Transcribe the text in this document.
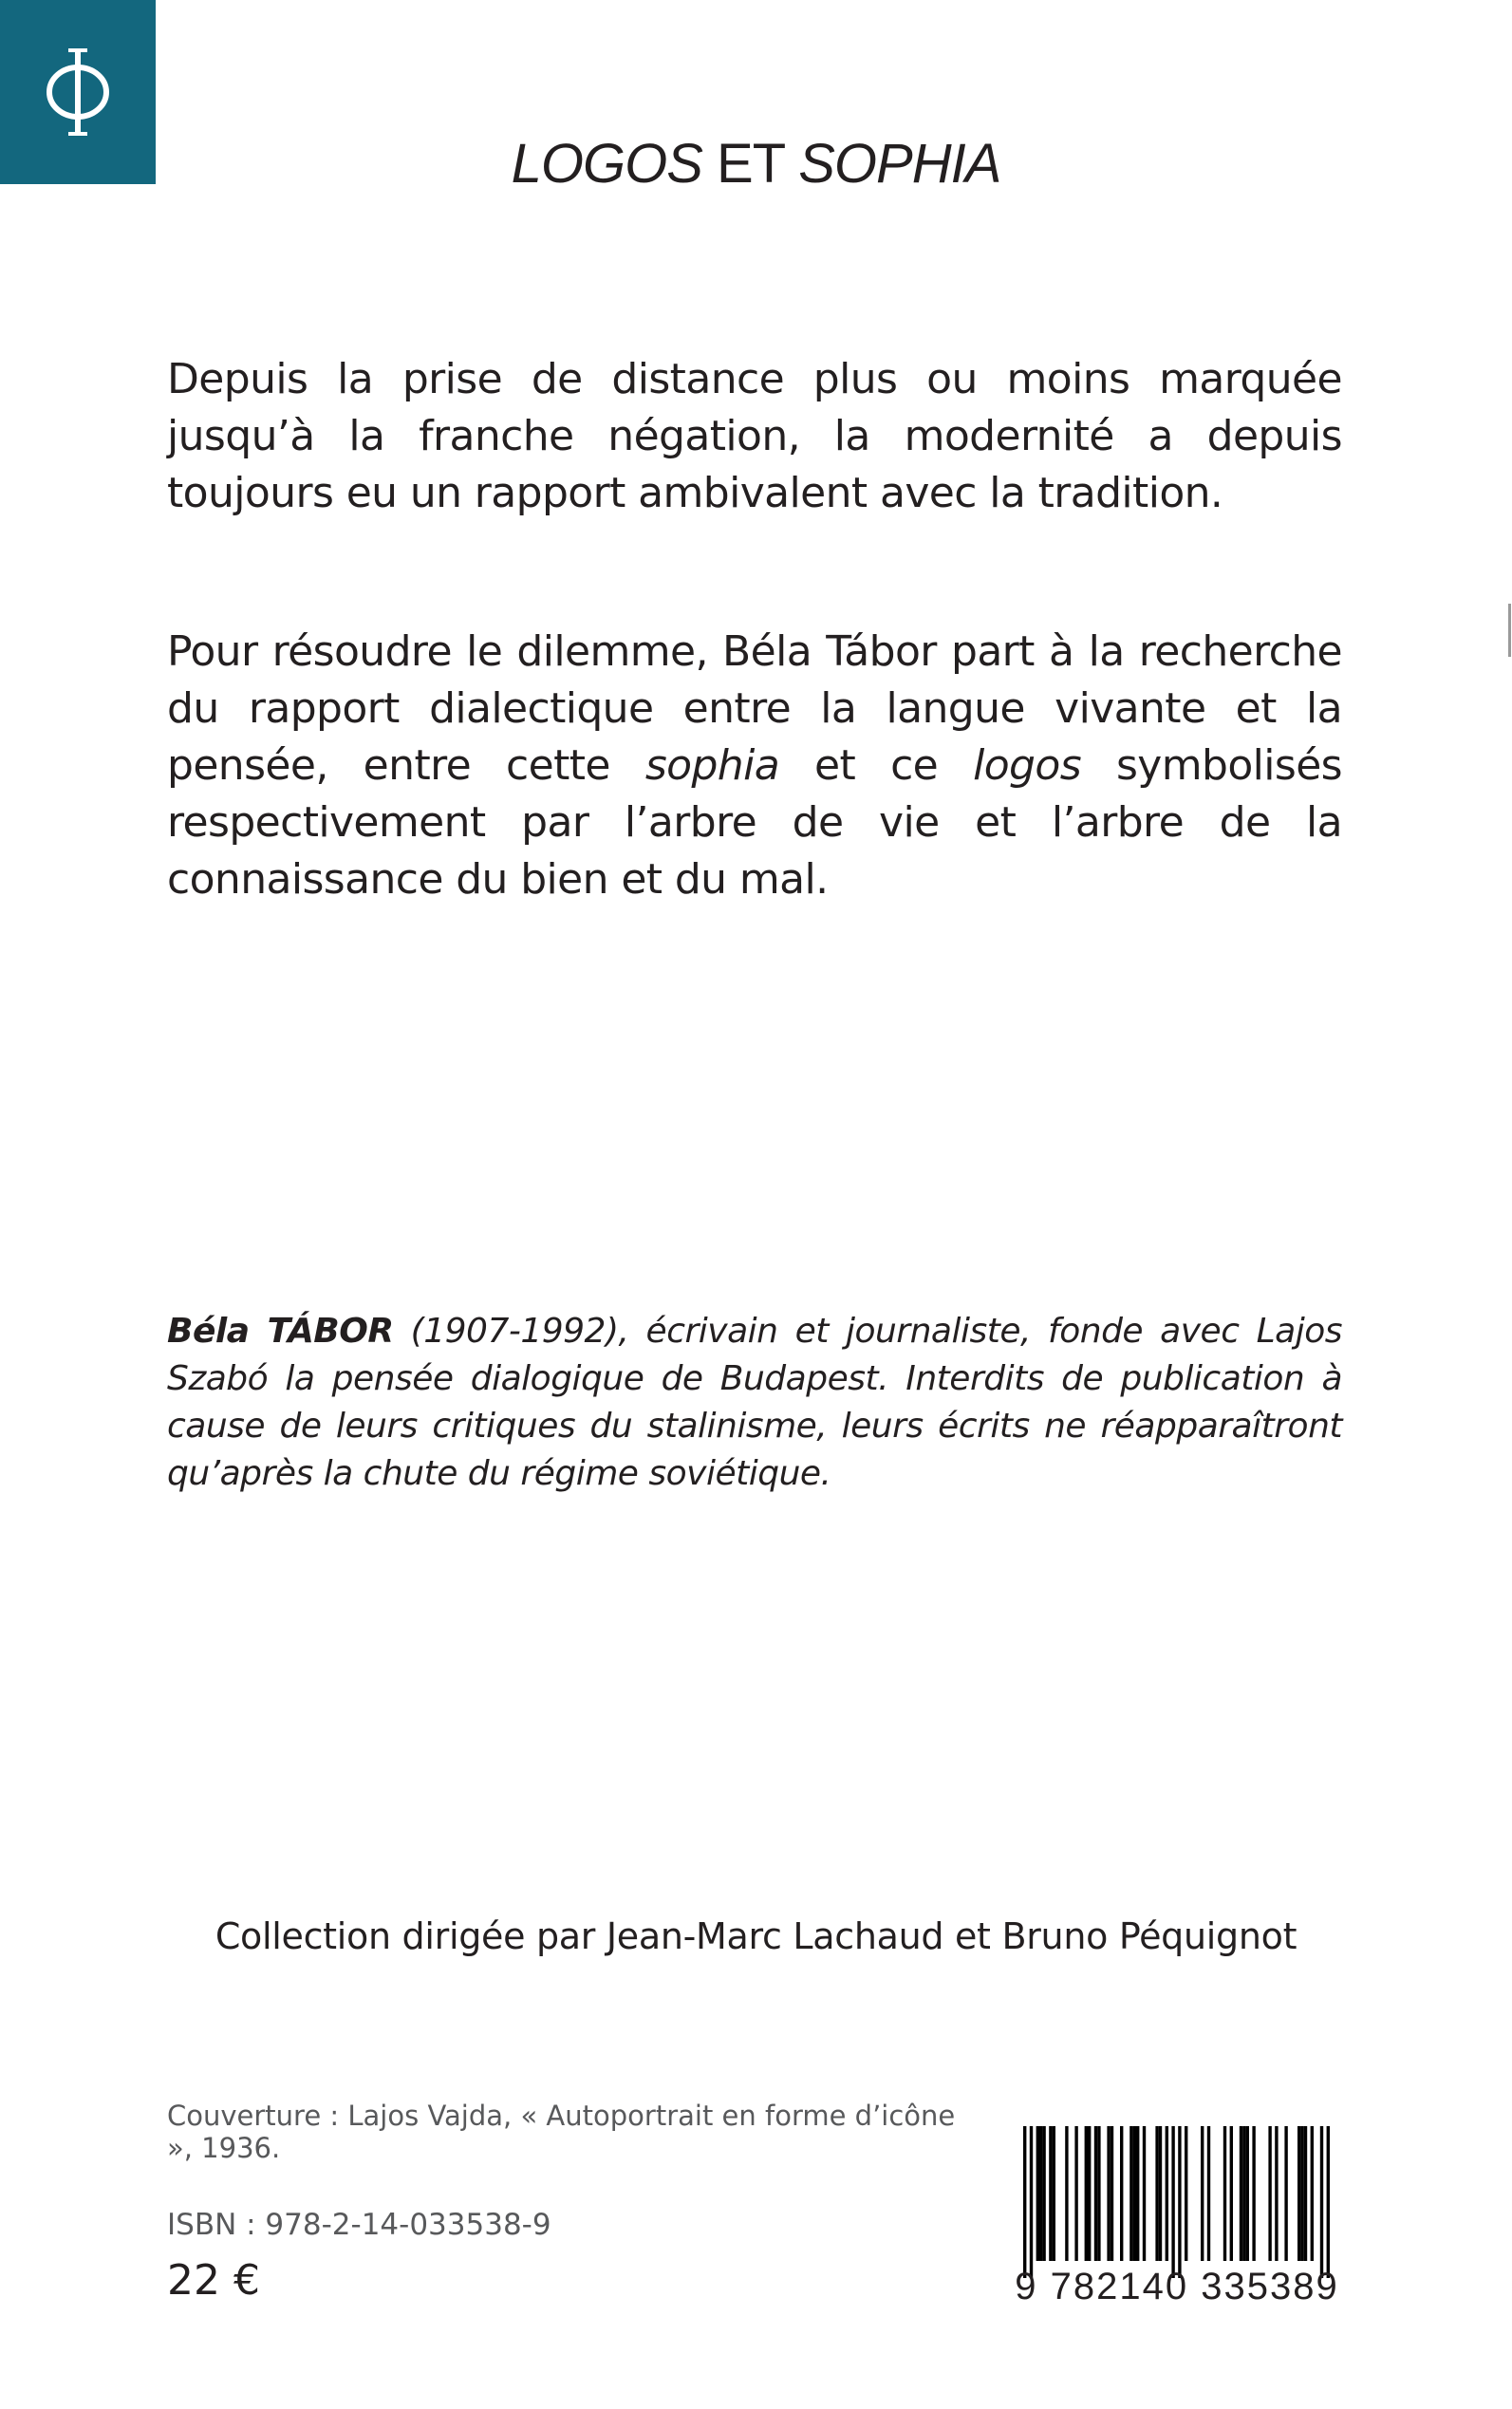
LOGOS ET SOPHIA

Depuis la prise de distance plus ou moins marquée jusqu’à la franche négation, la modernité a depuis toujours eu un rapport ambivalent avec la tradition.

Pour résoudre le dilemme, Béla Tábor part à la recherche du rapport dialectique entre la langue vivante et la pensée, entre cette sophia et ce logos symbolisés respectivement par l’arbre de vie et l’arbre de la connaissance du bien et du mal.

Béla TÁBOR (1907-1992), écrivain et journaliste, fonde avec Lajos Szabó la pensée dialogique de Budapest. Interdits de publication à cause de leurs critiques du stalinisme, leurs écrits ne réapparaîtront qu’après la chute du régime soviétique.

Collection dirigée par Jean-Marc Lachaud et Bruno Péquignot
Couverture : Lajos Vajda, « Autoportrait en forme d’icône », 1936.
ISBN : 978-2-14-033538-9
22 €	9 782140 335389
